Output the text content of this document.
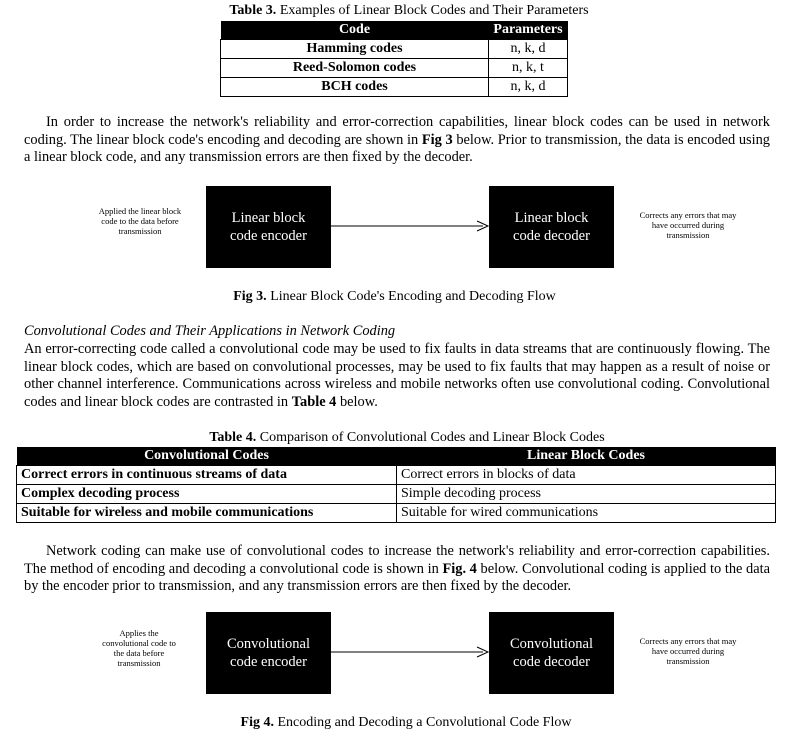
Table 3. Examples of Linear Block Codes and Their Parameters
Code	Parameters
Hamming codes	n, k, d
Reed-Solomon codes	n, k, t
BCH codes	n, k, d
In order to increase the network's reliability and error-correction capabilities, linear block codes can be used in network coding. The linear block code's encoding and decoding are shown in Fig 3 below. Prior to transmission, the data is encoded using a linear block code, and any transmission errors are then fixed by the decoder.
Applied the linear block code to the data before transmission
Linear block code encoder
Linear block code decoder
Corrects any errors that may have occurred during transmission
Fig 3. Linear Block Code's Encoding and Decoding Flow
Convolutional Codes and Their Applications in Network Coding
An error-correcting code called a convolutional code may be used to fix faults in data streams that are continuously flowing. The linear block codes, which are based on convolutional processes, may be used to fix faults that may happen as a result of noise or other channel interference. Communications across wireless and mobile networks often use convolutional coding. Convolutional codes and linear block codes are contrasted in Table 4 below.
Table 4. Comparison of Convolutional Codes and Linear Block Codes
Convolutional Codes	Linear Block Codes
Correct errors in continuous streams of data	Correct errors in blocks of data
Complex decoding process	Simple decoding process
Suitable for wireless and mobile communications	Suitable for wired communications
Network coding can make use of convolutional codes to increase the network's reliability and error-correction capabilities. The method of encoding and decoding a convolutional code is shown in Fig. 4 below. Convolutional coding is applied to the data by the encoder prior to transmission, and any transmission errors are then fixed by the decoder.
Applies the convolutional code to the data before transmission
Convolutional code encoder
Convolutional code decoder
Corrects any errors that may have occurred during transmission
Fig 4. Encoding and Decoding a Convolutional Code Flow
